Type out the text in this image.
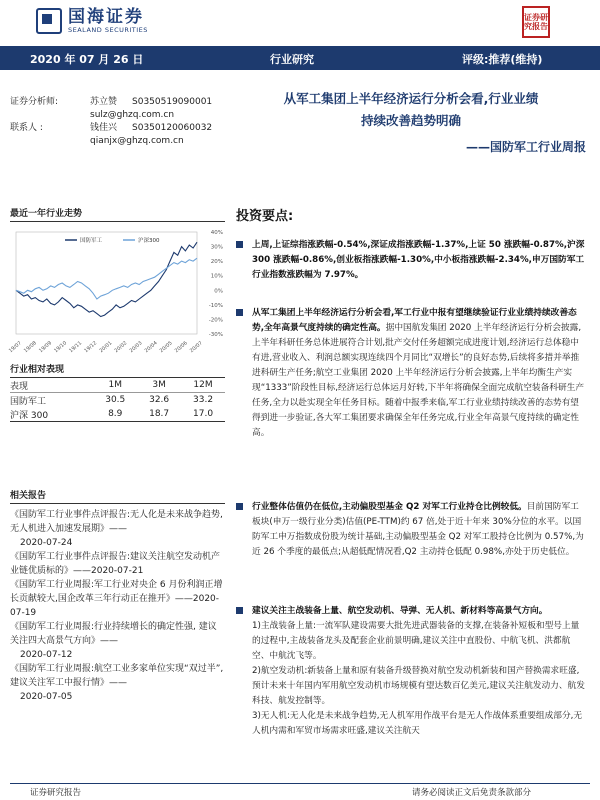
国海证券
SEALAND SECURITIES
证券研究报告
2020 年 07 月 26 日	行业研究	评级:推荐(维持)
证券分析师:	苏立赞	S0350519090001
sulz@ghzq.com.cn
联系人 :	钱佳兴	S0350120060032
qianjx@ghzq.com.cn
最近一年行业走势
40%
30%
20%
10%
0%
-10%
-20%
-30%
19/07 19/08 19/09 19/10 19/11 19/12 20/01 20/02 20/03 20/04 20/05 20/06 20/07
国防军工	沪深300
行业相对表现
表现	1M	3M	12M
国防军工	30.5	32.6	33.2
沪深 300	8.9	18.7	17.0
相关报告
《国防军工行业事件点评报告:无人化是未来战争趋势,无人机进入加速发展期》——
2020-07-24
《国防军工行业事件点评报告:建议关注航空发动机产业链优质标的》——2020-07-21
《国防军工行业周报:军工行业对央企 6 月份利润正增长贡献较大,国企改革三年行动正在推开》——2020-07-19
《国防军工行业周报:行业持续增长的确定性强, 建议关注四大高景气方向》——
2020-07-12
《国防军工行业周报:航空工业多家单位实现“双过半”,建议关注军工中报行情》——
2020-07-05
从军工集团上半年经济运行分析会看,行业业绩
持续改善趋势明确
——国防军工行业周报
投资要点:

上周,上证综指涨跌幅-0.54%,深证成指涨跌幅-1.37%,上证 50 涨跌幅-0.87%,沪深 300 涨跌幅-0.86%,创业板指涨跌幅-1.30%,中小板指涨跌幅-2.34%,申万国防军工行业指数涨跌幅为 7.97%。

从军工集团上半年经济运行分析会看,军工行业中报有望继续验证行业业绩持续改善态势,全年高景气度持续的确定性高。据中国航发集团 2020 上半年经济运行分析会披露,上半年科研任务总体进展符合计划,批产交付任务超额完成进度计划,经济运行总体稳中有进,营业收入、利润总额实现连续四个月同比“双增长”的良好态势,后续将多措并举推进科研生产任务;航空工业集团 2020 上半年经济运行分析会披露,上半年均衡生产实现“1333”阶段性目标,经济运行总体运月好转,下半年将确保全面完成航空装备科研生产任务,全力以赴实现全年任务目标。随着中报季来临,军工行业业绩持续改善的态势有望得到进一步验证,各大军工集团要求确保全年任务完成,行业全年高景气度持续的确定性高。

行业整体估值仍在低位,主动偏股型基金 Q2 对军工行业持仓比例较低。目前国防军工板块(申万一级行业分类)估值(PE-TTM)约 67 倍,处于近十年来 30%分位的水平。以国防军工申万指数成份股为统计基础,主动偏股型基金 Q2 对军工股持仓比例为 0.57%,为近 26 个季度的最低点;从超低配情况看,Q2 主动持仓低配 0.98%,亦处于历史低位。

建议关注主战装备上量、航空发动机、导弹、无人机、新材料等高景气方向。

1)主战装备上量:一流军队建设需要大批先进武器装备的支撑,在装备补短板和型号上量的过程中,主战装备龙头及配套企业前景明确,建议关注中直股份、中航飞机、洪都航空、中航沈飞等。

2)航空发动机:新装备上量和原有装备升级替换对航空发动机新装和国产替换需求旺盛,预计未来十年国内军用航空发动机市场规模有望达数百亿美元,建议关注航发动力、航发科技、航发控制等。

3)无人机:无人化是未来战争趋势,无人机军用作战平台是无人作战体系重要组成部分,无人机内需和军贸市场需求旺盛,建议关注航天

证券研究报告	请务必阅读正文后免责条款部分
